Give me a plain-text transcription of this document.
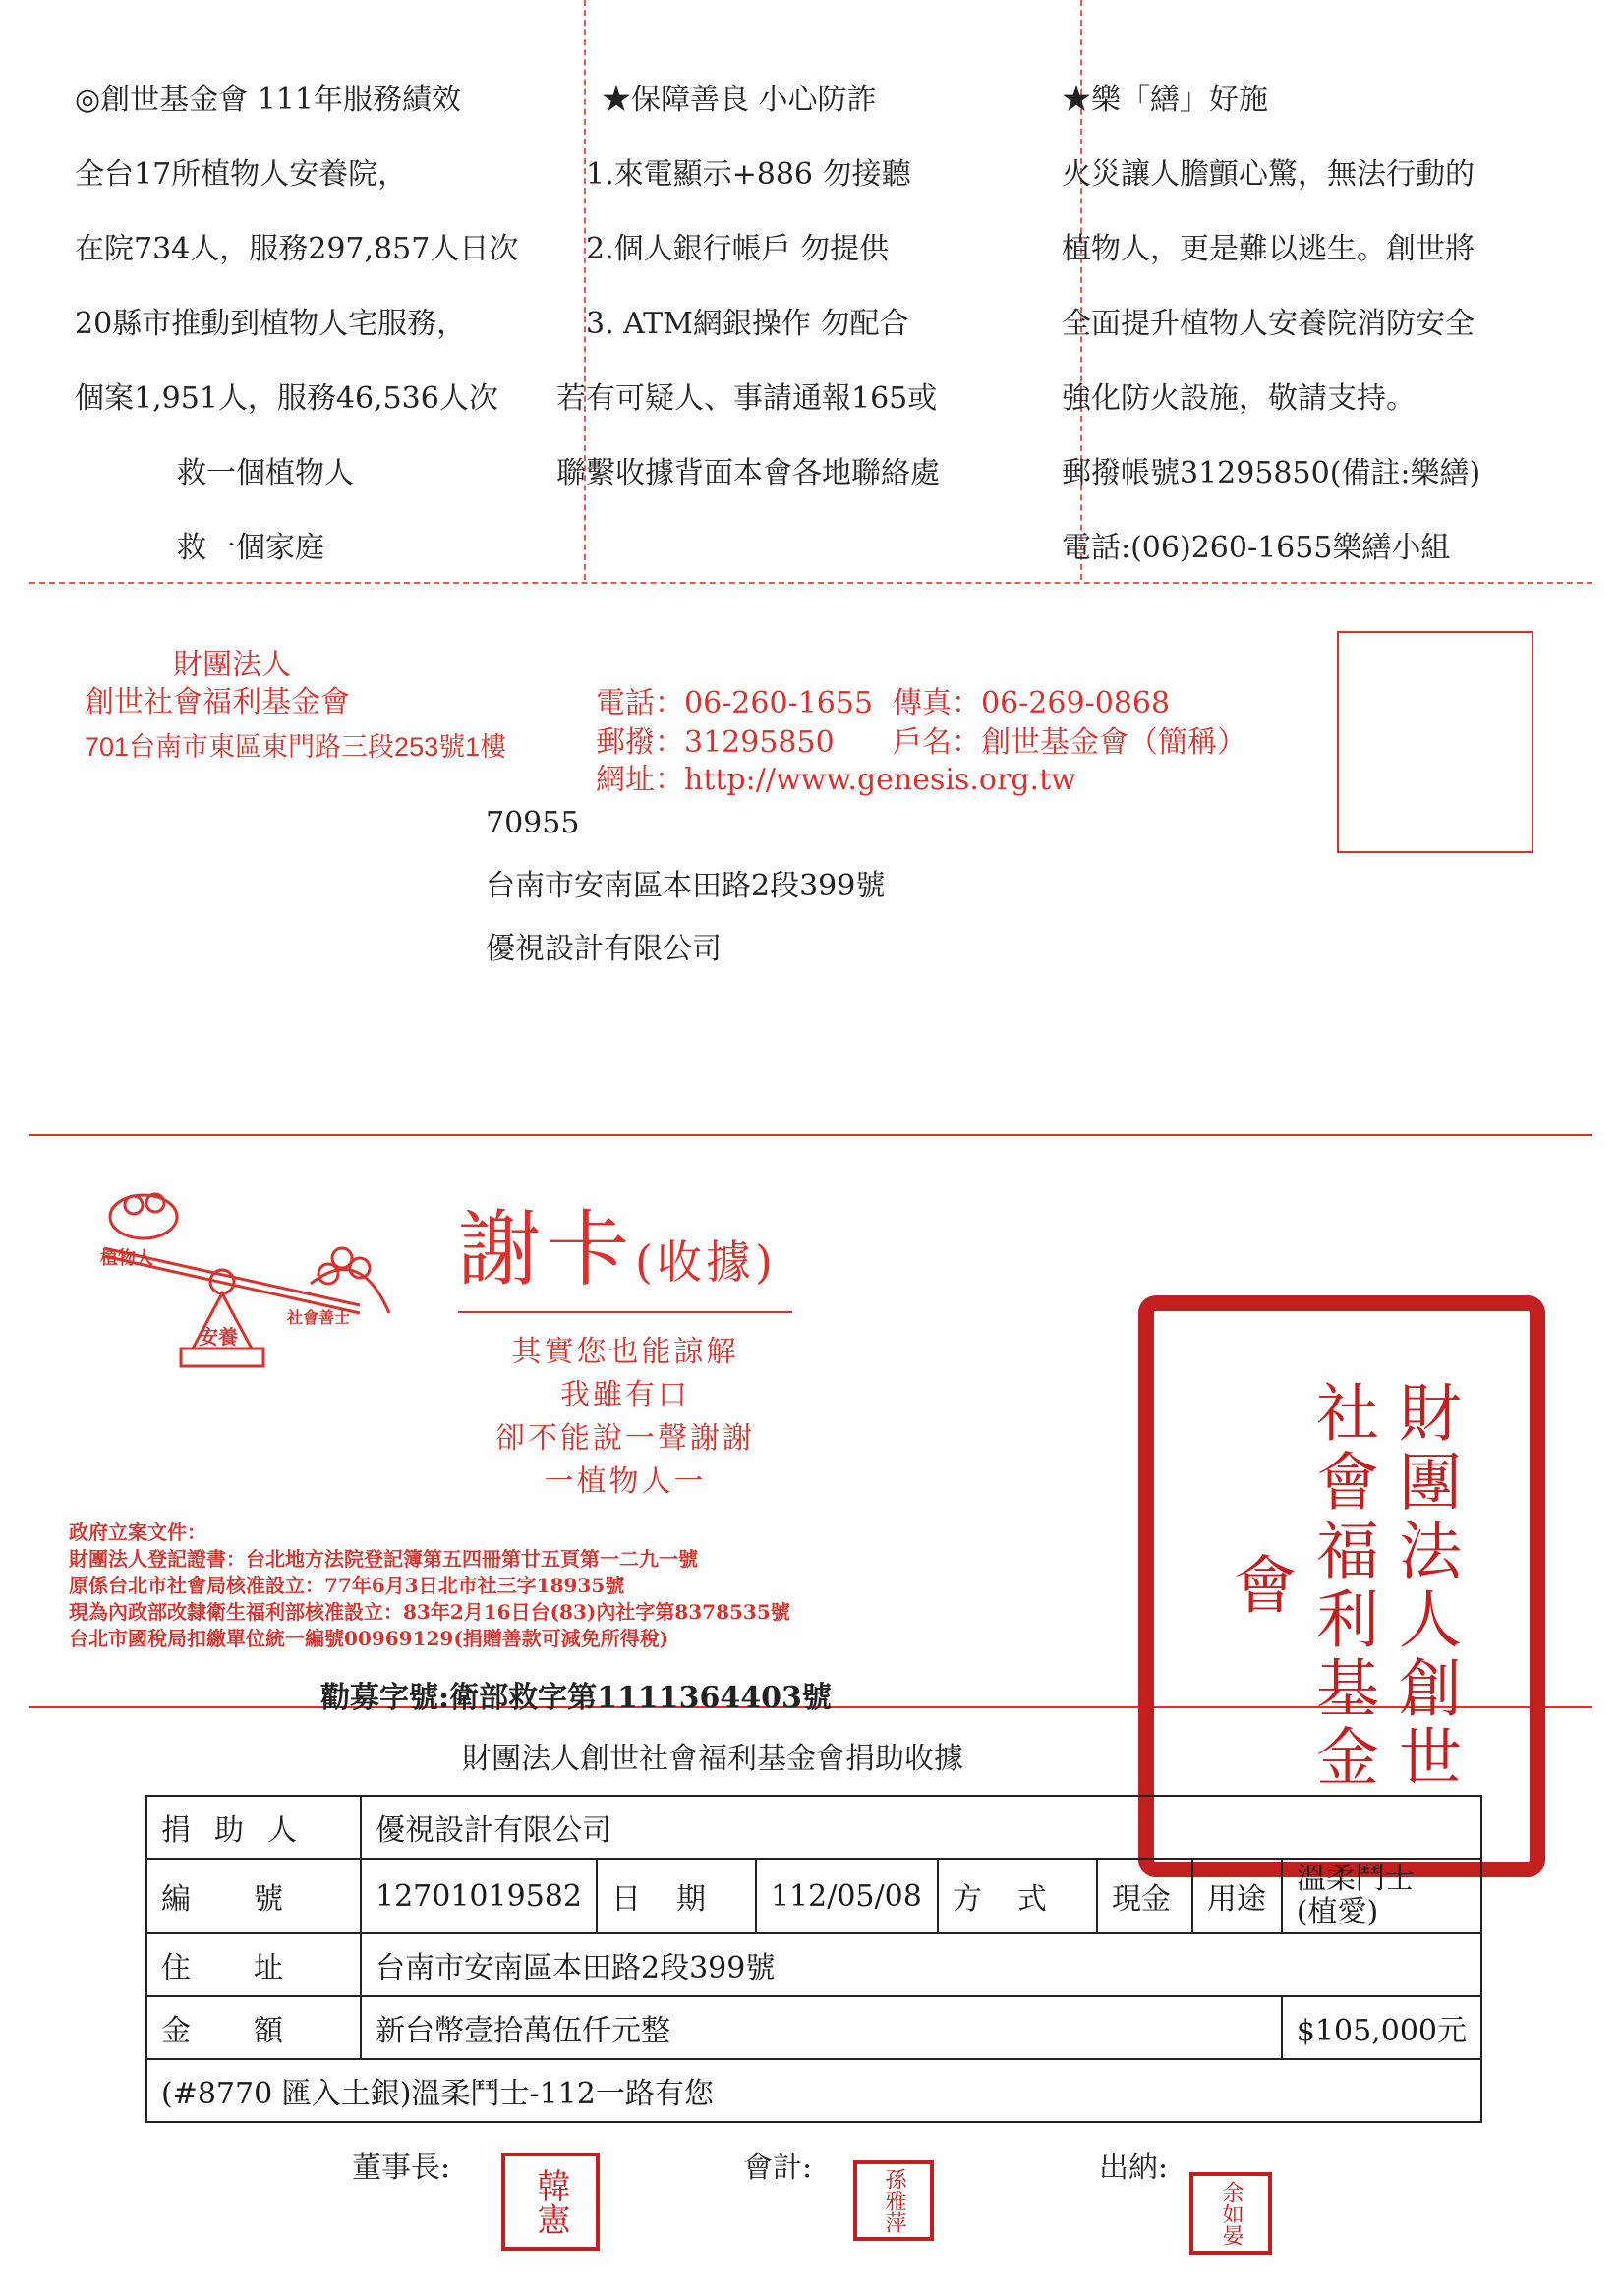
◎創世基金會 111年服務績效

全台17所植物人安養院，

在院734人，服務297,857人日次

20縣市推動到植物人宅服務，

個案1,951人，服務46,536人次

救一個植物人

救一個家庭

★保障善良 小心防詐

1.來電顯示+886 勿接聽

2.個人銀行帳戶 勿提供

3. ATM網銀操作 勿配合

若有可疑人、事請通報165或

聯繫收據背面本會各地聯絡處

★樂「繕」好施

火災讓人膽顫心驚，無法行動的

植物人，更是難以逃生。創世將

全面提升植物人安養院消防安全

強化防火設施，敬請支持。

郵撥帳號31295850(備註:樂繕)

電話:(06)260-1655樂繕小組

財團法人
創世社會福利基金會
701台南市東區東門路三段253號1樓
電話：06-260-1655 傳真：06-269-0868
郵撥：31295850 戶名：創世基金會（簡稱）
網址：http://www.genesis.org.tw

70955

台南市安南區本田路2段399號

優視設計有限公司

植物人
社會善士
安養
謝卡(收據)

其實您也能諒解

我雖有口

卻不能說一聲謝謝

一植物人一

政府立案文件：

財團法人登記證書：台北地方法院登記簿第五四冊第廿五頁第一二九一號

原係台北市社會局核准設立：77年6月3日北市社三字18935號

現為內政部改隸衛生福利部核准設立：83年2月16日台(83)內社字第8378535號

台北市國稅局扣繳單位統一編號00969129(捐贈善款可減免所得稅)

勸募字號:衛部救字第1111364403號	財團法人創世社會福利基金會
財團法人創世社會福利基金會捐助收據
捐助人	優視設計有限公司						
編號	12701019582	日期	112/05/08	方式	現金	用途	溫柔鬥士
(植愛)

住址	台南市安南區本田路2段399號						
金額	新台幣壹拾萬伍仟元整						$105,000元
(#8770 匯入土銀)溫柔鬥士-112一路有您							
董事長:	會計:	出納:
韓憲	孫雅萍	余如晏
